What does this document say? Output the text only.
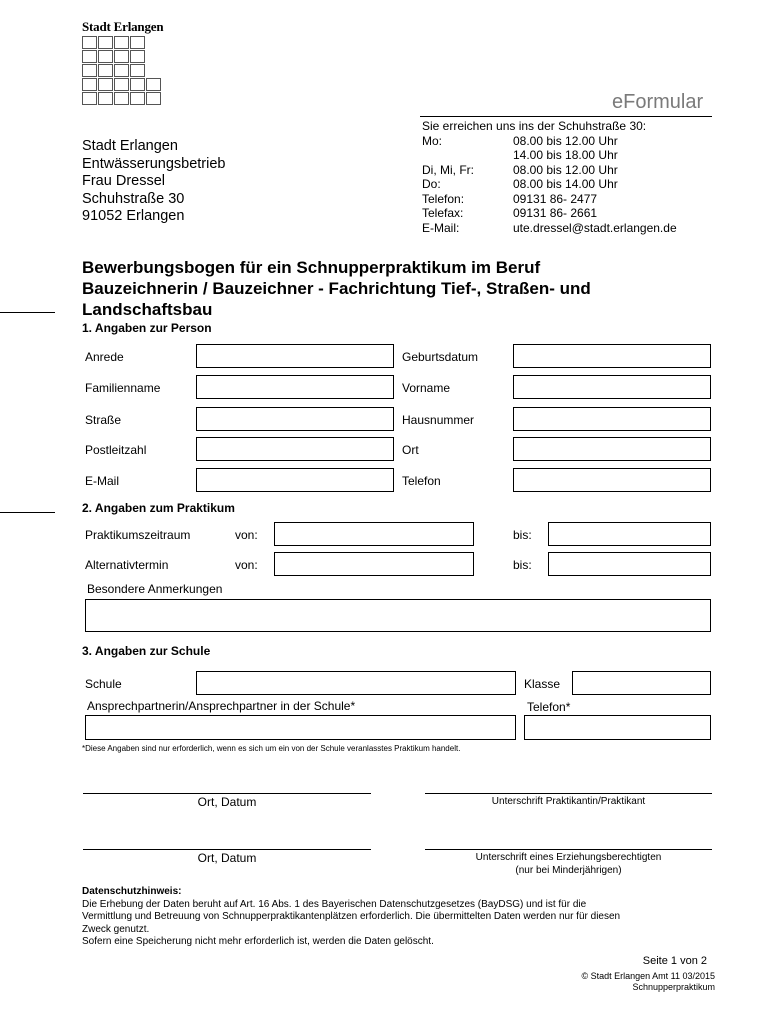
Stadt Erlangen
eFormular
Sie erreichen uns ins der Schuhstraße 30:
Mo:	08.00 bis 12.00 Uhr
14.00 bis 18.00 Uhr
Di, Mi, Fr:	08.00 bis 12.00 Uhr
Do:	08.00 bis 14.00 Uhr
Telefon:	09131 86- 2477
Telefax:	09131 86- 2661
E-Mail:	ute.dressel@stadt.erlangen.de
Stadt Erlangen
Entwässerungsbetrieb
Frau Dressel
Schuhstraße 30
91052 Erlangen
Bewerbungsbogen für ein Schnupperpraktikum im Beruf
Bauzeichnerin / Bauzeichner - Fachrichtung Tief-, Straßen- und
Landschaftsbau
1. Angaben zur Person
Anrede	Geburtsdatum
Familienname	Vorname
Straße	Hausnummer
Postleitzahl	Ort
E-Mail	Telefon
2. Angaben zum Praktikum
Praktikumszeitraum	von:	bis:
Alternativtermin	von:	bis:
Besondere Anmerkungen
3. Angaben zur Schule
Schule	Klasse
Ansprechpartnerin/Ansprechpartner in der Schule*	Telefon*
*Diese Angaben sind nur erforderlich, wenn es sich um ein von der Schule veranlasstes Praktikum handelt.
Ort, Datum	Unterschrift Praktikantin/Praktikant
Ort, Datum	Unterschrift eines Erziehungsberechtigten
(nur bei Minderjährigen)
Datenschutzhinweis:
Die Erhebung der Daten beruht auf Art. 16 Abs. 1 des Bayerischen Datenschutzgesetzes (BayDSG) und ist für die
Vermittlung und Betreuung von Schnupperpraktikantenplätzen erforderlich. Die übermittelten Daten werden nur für diesen
Zweck genutzt.
Sofern eine Speicherung nicht mehr erforderlich ist, werden die Daten gelöscht.
Seite 1 von 2
© Stadt Erlangen Amt 11 03/2015
Schnupperpraktikum
